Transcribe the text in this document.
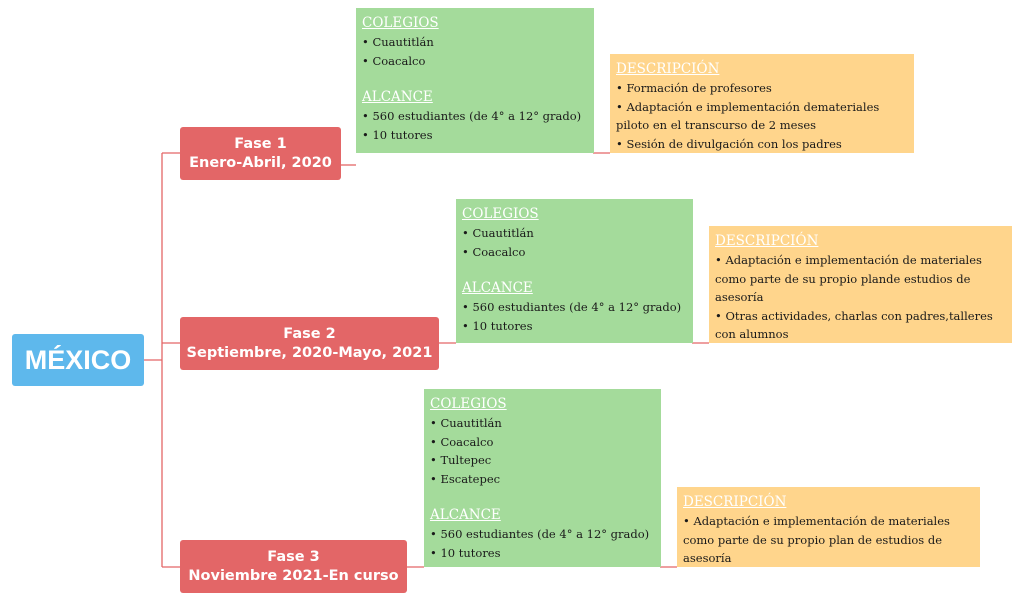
MÉXICO
Fase 1
Enero-Abril, 2020
COLEGIOS
• Cuautitlán
• Coacalco
ALCANCE
• 560 estudiantes (de 4° a 12° grado)
• 10 tutores
DESCRIPCIÓN
• Formación de profesores
• Adaptación e implementación demateriales piloto en el transcurso de 2 meses
• Sesión de divulgación con los padres
Fase 2
Septiembre, 2020-Mayo, 2021
COLEGIOS
• Cuautitlán
• Coacalco
ALCANCE
• 560 estudiantes (de 4° a 12° grado)
• 10 tutores
DESCRIPCIÓN
• Adaptación e implementación de materiales como parte de su propio plande estudios de asesoría
• Otras actividades, charlas con padres,talleres con alumnos
Fase 3
Noviembre 2021-En curso
COLEGIOS
• Cuautitlán
• Coacalco
• Tultepec
• Escatepec
ALCANCE
• 560 estudiantes (de 4° a 12° grado)
• 10 tutores
DESCRIPCIÓN
• Adaptación e implementación de materiales como parte de su propio plan de estudios de asesoría
